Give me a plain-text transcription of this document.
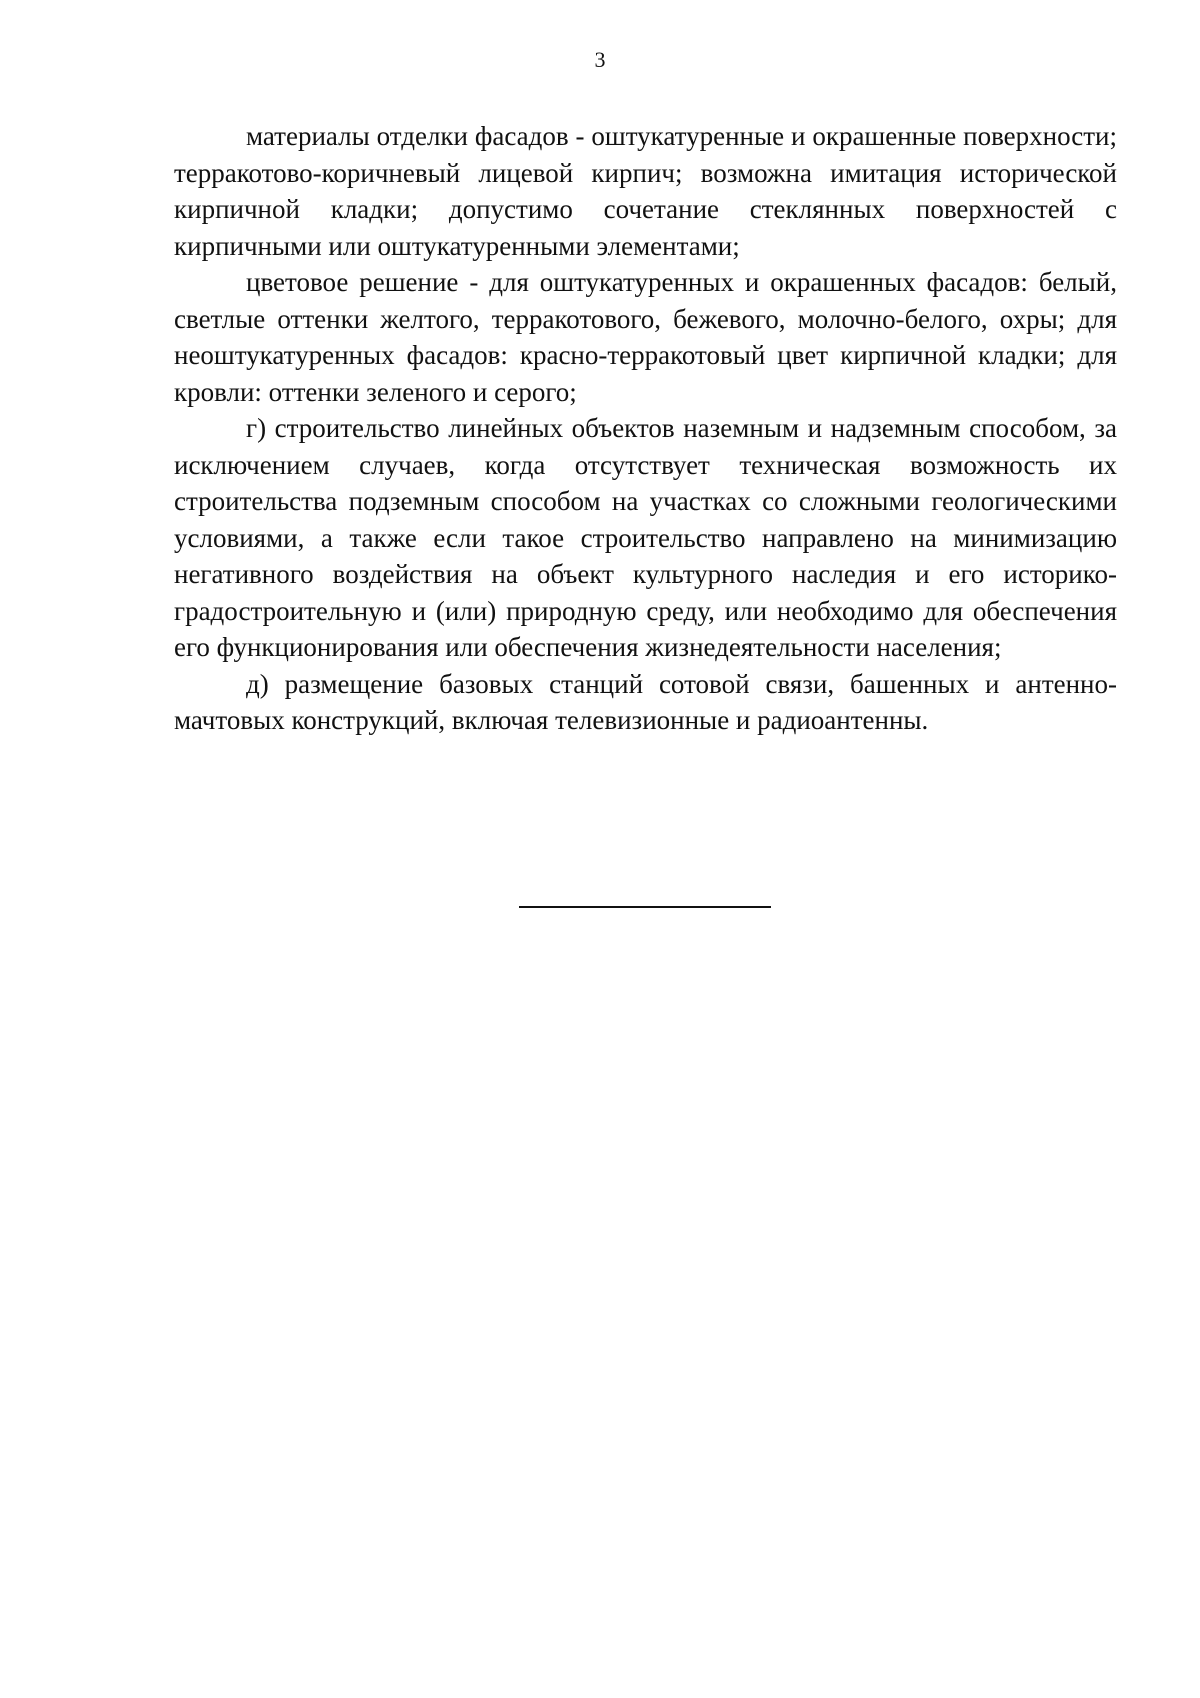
3

материалы отделки фасадов - оштукатуренные и окрашенные поверхности; терракотово-коричневый лицевой кирпич; возможна имитация исторической кирпичной кладки; допустимо сочетание стеклянных поверхностей с кирпичными или оштукатуренными элементами;

цветовое решение - для оштукатуренных и окрашенных фасадов: белый, светлые оттенки желтого, терракотового, бежевого, молочно-белого, охры; для неоштукатуренных фасадов: красно-терракотовый цвет кирпичной кладки; для кровли: оттенки зеленого и серого;

г) строительство линейных объектов наземным и надземным способом, за исключением случаев, когда отсутствует техническая возможность их строительства подземным способом на участках со сложными геологическими условиями, а также если такое строительство направлено на минимизацию негативного воздействия на объект культурного наследия и его историко-градостроительную и (или) природную среду, или необходимо для обеспечения его функционирования или обеспечения жизнедеятельности населения;

д) размещение базовых станций сотовой связи, башенных и антенно-мачтовых конструкций, включая телевизионные и радиоантенны.
